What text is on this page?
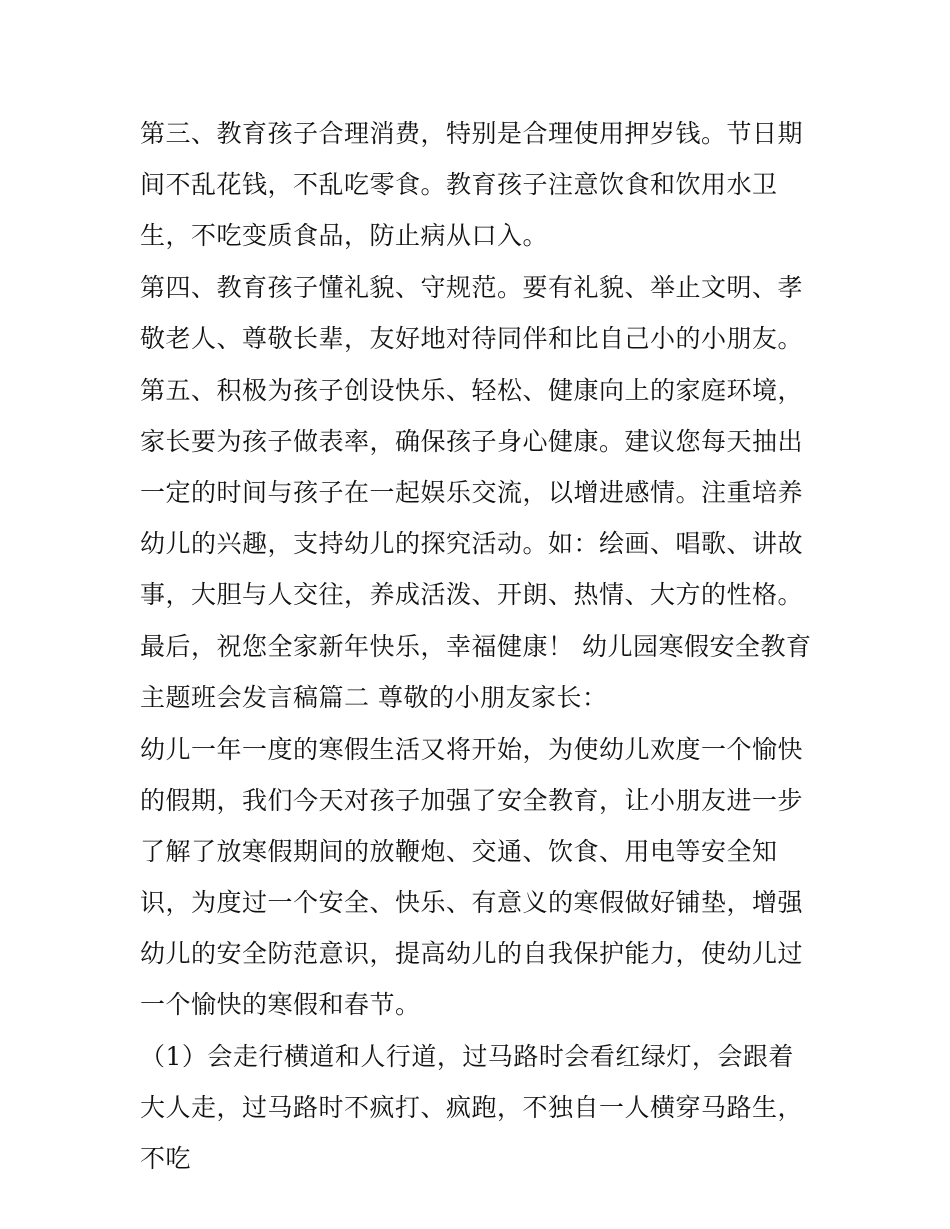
第三、教育孩子合理消费，特别是合理使用押岁钱。节日期间不乱花钱，不乱吃零食。教育孩子注意饮食和饮用水卫生，不吃变质食品，防止病从口入。

第四、教育孩子懂礼貌、守规范。要有礼貌、举止文明、孝敬老人、尊敬长辈，友好地对待同伴和比自己小的小朋友。

第五、积极为孩子创设快乐、轻松、健康向上的家庭环境，家长要为孩子做表率，确保孩子身心健康。建议您每天抽出一定的时间与孩子在一起娱乐交流，以增进感情。注重培养幼儿的兴趣，支持幼儿的探究活动。如：绘画、唱歌、讲故事，大胆与人交往，养成活泼、开朗、热情、大方的性格。

最后，祝您全家新年快乐，幸福健康！ 幼儿园寒假安全教育主题班会发言稿篇二 尊敬的小朋友家长：

幼儿一年一度的寒假生活又将开始，为使幼儿欢度一个愉快的假期，我们今天对孩子加强了安全教育，让小朋友进一步了解了放寒假期间的放鞭炮、交通、饮食、用电等安全知识，为度过一个安全、快乐、有意义的寒假做好铺垫，增强幼儿的安全防范意识，提高幼儿的自我保护能力，使幼儿过一个愉快的寒假和春节。

（1）会走行横道和人行道，过马路时会看红绿灯，会跟着大人走，过马路时不疯打、疯跑，不独自一人横穿马路生，不吃
